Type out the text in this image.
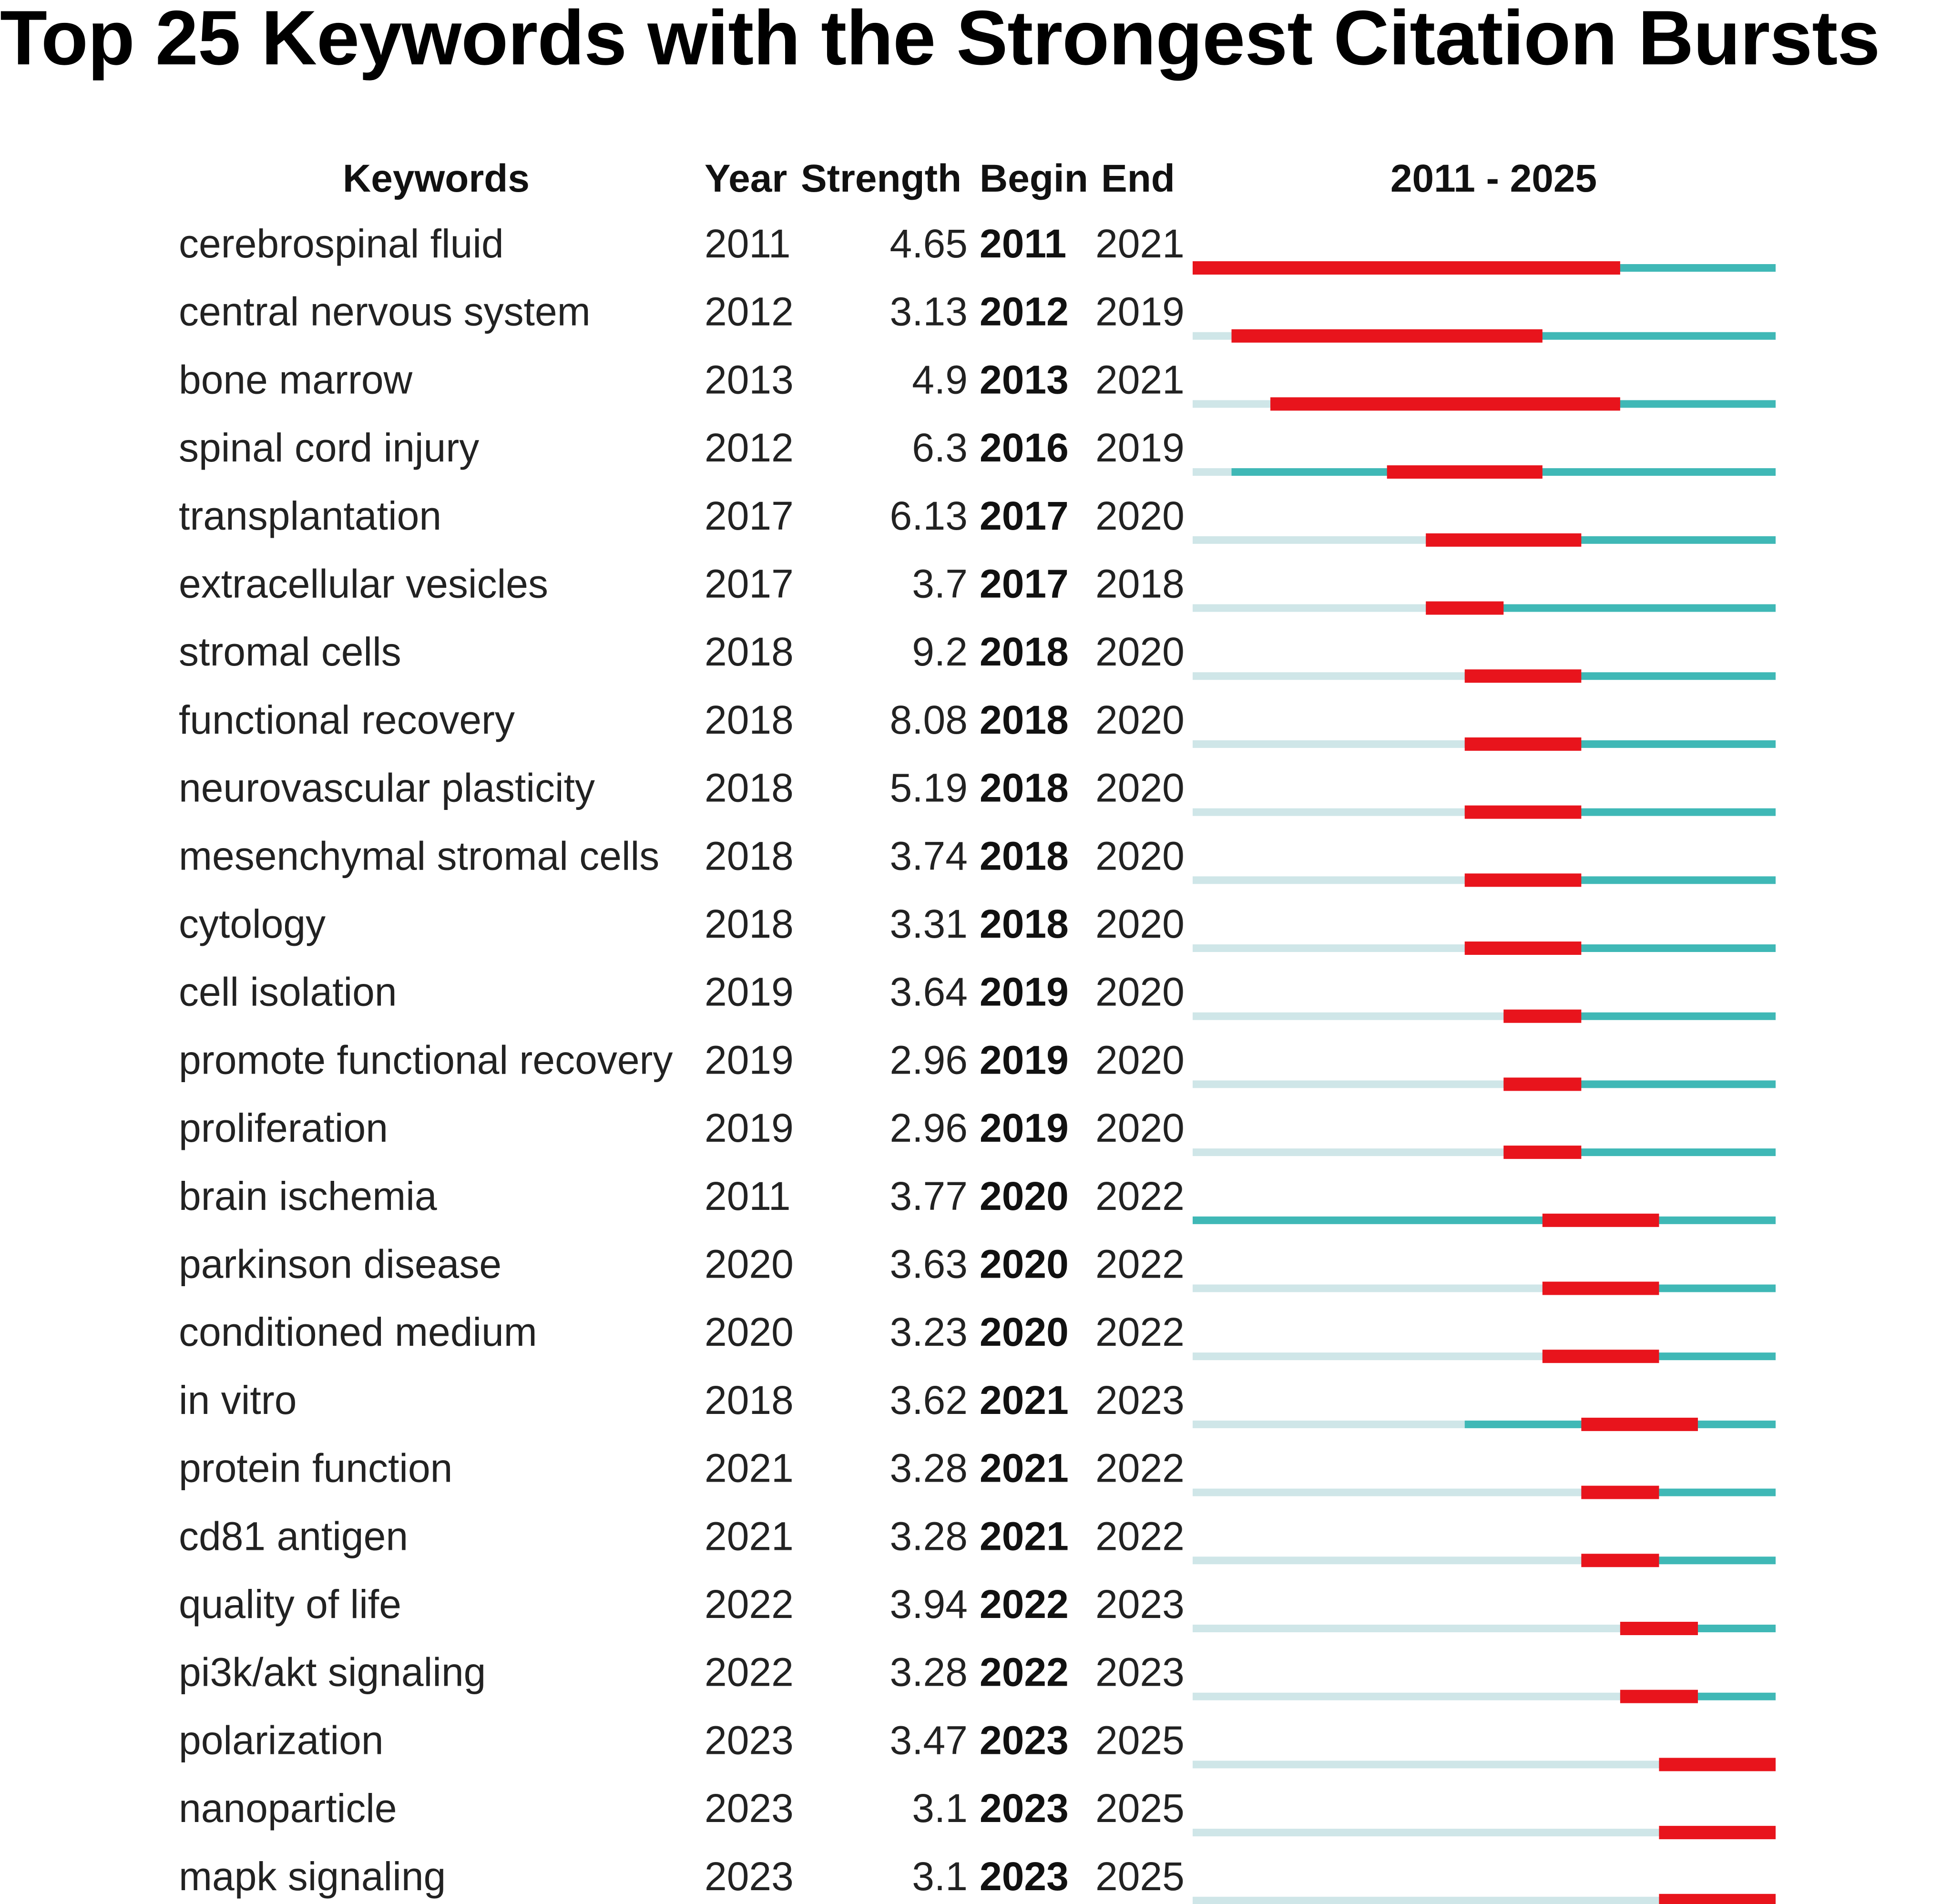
Top 25 Keywords with the Strongest Citation Bursts
Keywords	Year Strength Begin End	2011 - 2025
cerebrospinal fluid	2011 4.65 2011 2021
central nervous system	2012 3.13 2012 2019
bone marrow	2013	4.9 2013 2021
spinal cord injury	2012	6.3 2016 2019
transplantation	2017 6.13 2017 2020
extracellular vesicles	2017	3.7 2017 2018
stromal cells	2018	9.2 2018 2020
functional recovery	2018 8.08 2018 2020
neurovascular plasticity	2018 5.19 2018 2020
mesenchymal stromal cells 2018 3.74 2018 2020
cytology	2018 3.31 2018 2020
cell isolation	2019 3.64 2019 2020
promote functional recovery 2019 2.96 2019 2020
proliferation	2019 2.96 2019 2020
brain ischemia	2011 3.77 2020 2022
parkinson disease	2020 3.63 2020 2022
conditioned medium	2020 3.23 2020 2022
in vitro	2018 3.62 2021 2023
protein function	2021 3.28 2021 2022
cd81 antigen	2021 3.28 2021 2022
quality of life	2022 3.94 2022 2023
pi3k/akt signaling	2022 3.28 2022 2023
polarization	2023 3.47 2023 2025
nanoparticle	2023	3.1 2023 2025
mapk signaling	2023	3.1 2023 2025
